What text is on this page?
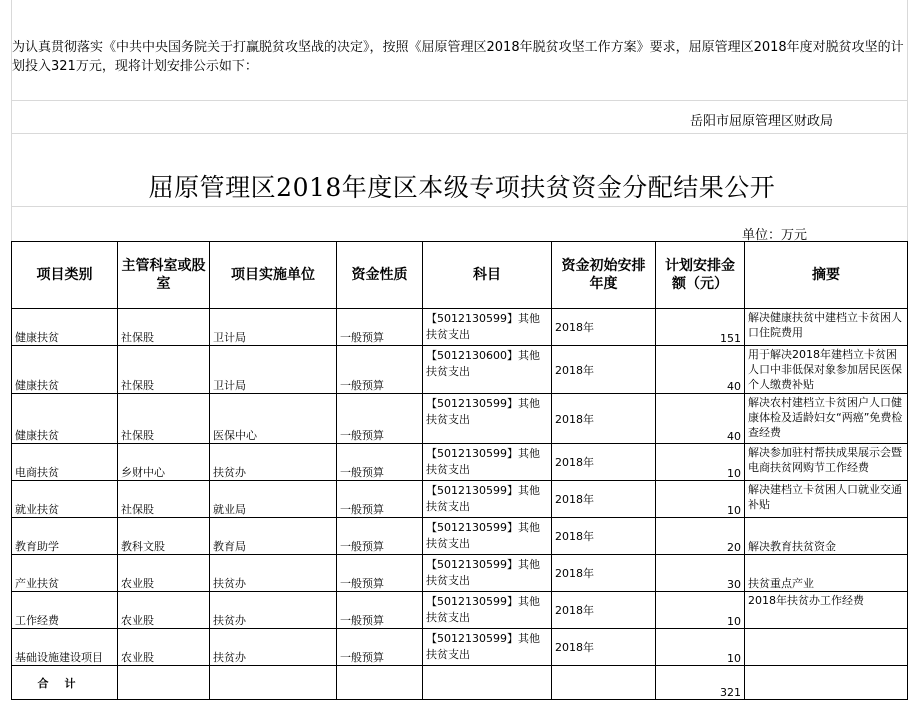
为认真贯彻落实《中共中央国务院关于打赢脱贫攻坚战的决定》，按照《屈原管理区2018年脱贫攻坚工作方案》要求，屈原管理区2018年度对脱贫攻坚的计划投入321万元，现将计划安排公示如下：
岳阳市屈原管理区财政局
屈原管理区2018年度区本级专项扶贫资金分配结果公开
单位：万元
项目类别	主管科室或股室	项目实施单位	资金性质	科目	资金初始安排年度	计划安排金额（元）	摘要
健康扶贫	社保股	卫计局	一般预算	【5012130599】其他扶贫支出	2018年	151	解决健康扶贫中建档立卡贫困人口住院费用
健康扶贫	社保股	卫计局	一般预算	【5012130600】其他扶贫支出	2018年	40	用于解决2018年建档立卡贫困人口中非低保对象参加居民医保个人缴费补贴
健康扶贫	社保股	医保中心	一般预算	【5012130599】其他扶贫支出	2018年	40	解决农村建档立卡贫困户人口健康体检及适龄妇女“两癌”免费检查经费
电商扶贫	乡财中心	扶贫办	一般预算	【5012130599】其他扶贫支出	2018年	10	解决参加驻村帮扶成果展示会暨电商扶贫网购节工作经费
就业扶贫	社保股	就业局	一般预算	【5012130599】其他扶贫支出	2018年	10	解决建档立卡贫困人口就业交通补贴
教育助学	教科文股	教育局	一般预算	【5012130599】其他扶贫支出	2018年	20	解决教育扶贫资金
产业扶贫	农业股	扶贫办	一般预算	【5012130599】其他扶贫支出	2018年	30	扶贫重点产业
工作经费	农业股	扶贫办	一般预算	【5012130599】其他扶贫支出	2018年	10	2018年扶贫办工作经费
基础设施建设项目	农业股	扶贫办	一般预算	【5012130599】其他扶贫支出	2018年	10	
合计						321	
